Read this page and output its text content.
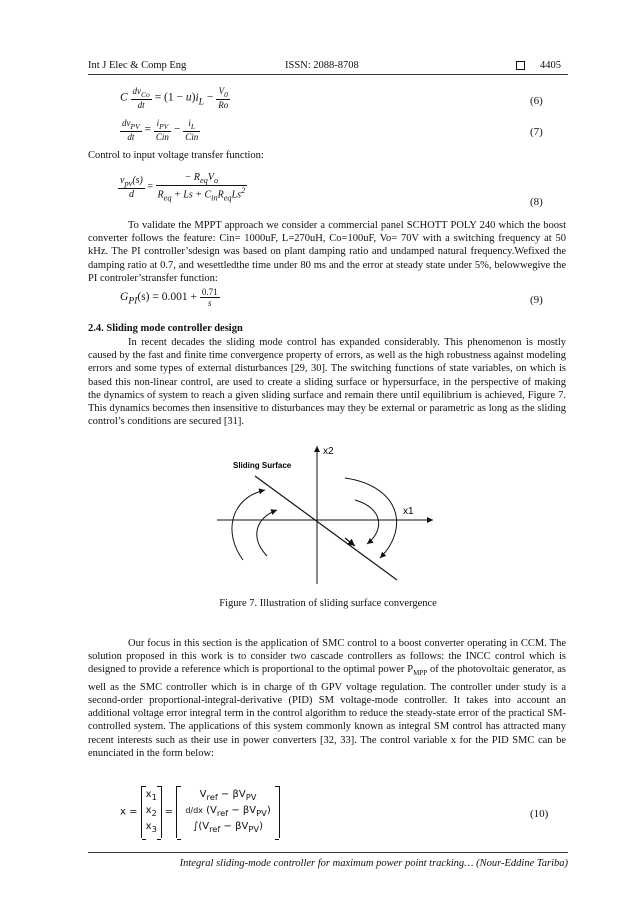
Int J Elec & Comp Eng	ISSN: 2088-8708	4405
C $\frac{dv_{Co}}{dt} = (1 - u)i_L - \frac{V_0}{Ro}$	(6)
$\frac{dv_{PV}}{dt} = \frac{i_{PV}}{\text{Cin}} - \frac{i_L}{\text{Cin}}$	(7)
Control to input voltage transfer function:
$\frac{v_{pv}(s)}{d} = \frac{- R_{eq}V_o}{R_{eq} + Ls + C_{in}R_{eq}Ls^2}$	(8)

To validate the MPPT approach we consider a commercial panel SCHOTT POLY 240 which the boost converter follows the feature: Cin= 1000uF, L=270uH, Co=100uF, Vo= 70V with a switching frequency at 50 kHz. The PI controller’sdesign was based on plant damping ratio and undamped natural frequency.Wefixed the damping ratio at 0.7, and wesettledthe time under 80 ms and the error at steady state under 5%, belowwegive the PI controler’stransfer function:

$G_{PI}(s) = 0.001 + \frac{0.71}{s}$	(9)
2.4. Sliding mode controller design

In recent decades the sliding mode control has expanded considerably. This phenomenon is mostly caused by the fast and finite time convergence property of errors, as well as the high robustness against modeling errors and some types of external disturbances [29, 30]. The switching functions of state variables, on which is based this non-linear control, are used to create a sliding surface or hypersurface, in the perspective of making the dynamics of system to reach a given sliding surface and remain there until equilibrium is achieved, Figure 7. This dynamics becomes then insensitive to disturbances may they be external or parametric as long as the sliding control’s conditions are secured [31].

x2
x1
Sliding Surface
Figure 7. Illustration of sliding surface convergence

Our focus in this section is the application of SMC control to a boost converter operating in CCM. The solution proposed in this work is to consider two cascade controllers as follows: the INCC control which is designed to provide a reference which is proportional to the optimal power $P_{MPP}$ of the photovoltaic generator, as well as the SMC controller which is in charge of th GPV voltage regulation. The controller under study is a second-order proportional-integral-derivative (PID) SM voltage-mode controller. It takes into account an additional voltage error integral term in the control algorithm to reduce the steady-state error of the practical SM-controlled system. The applications of this system commonly known as integral SM control has attracted many recent interests such as their use in power converters [32, 33]. The control variable x for the PID SMC can be enunciated in the form below:

x =
$x_1$
$x_2$
$x_3$
=
$V_{ref} - \beta V_{PV}$
d/dx $(V_{ref} - \beta V_{PV})$
$\int(V_{ref} - \beta V_{PV})$
(10)
Integral sliding-mode controller for maximum power point tracking… (Nour-Eddine Tariba)
